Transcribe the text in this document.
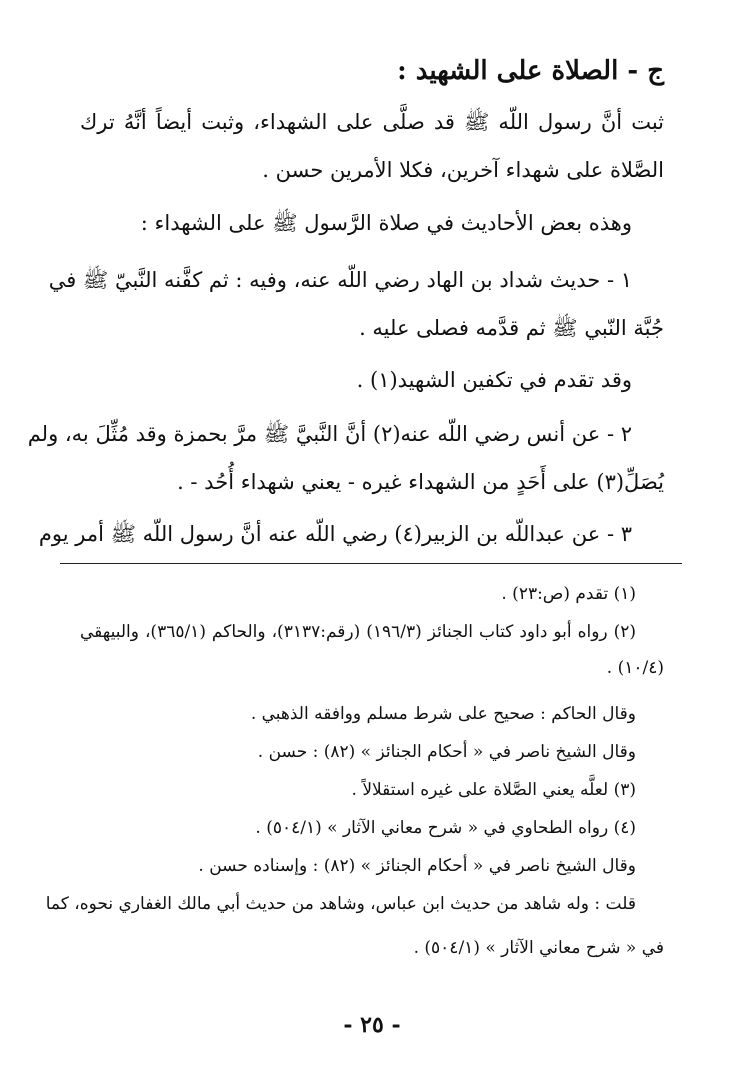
ج - الصلاة على الشهيد :
ثبت أنَّ رسول اللّه ﷺ قد صلَّى على الشهداء، وثبت أيضاً أنَّهُ ترك
الصَّلاة على شهداء آخرين، فكلا الأمرين حسن .
وهذه بعض الأحاديث في صلاة الرَّسول ﷺ على الشهداء :
١ - حديث شداد بن الهاد رضي اللّه عنه، وفيه : ثم كفَّنه النَّبيّ ﷺ في
جُبَّة النّبي ﷺ ثم قدَّمه فصلى عليه .
وقد تقدم في تكفين الشهيد(١) .
٢ - عن أنس رضي اللّه عنه(٢) أنَّ النَّبيَّ ﷺ مرَّ بحمزة وقد مُثِّلَ به، ولم
يُصَلِّ(٣) على أَحَدٍ من الشهداء غيره - يعني شهداء أُحُد - .
٣ - عن عبداللّه بن الزبير(٤) رضي اللّه عنه أنَّ رسول اللّه ﷺ أمر يوم
(١) تقدم (ص:٢٣) .
(٢) رواه أبو داود كتاب الجنائز (١٩٦/٣) (رقم:٣١٣٧)، والحاكم (٣٦٥/١)، والبيهقي
(١٠/٤) .
وقال الحاكم : صحيح على شرط مسلم ووافقه الذهبي .
وقال الشيخ ناصر في « أحكام الجنائز » (٨٢) : حسن .
(٣) لعلَّه يعني الصَّلاة على غيره استقلالاً .
(٤) رواه الطحاوي في « شرح معاني الآثار » (٥٠٤/١) .
وقال الشيخ ناصر في « أحكام الجنائز » (٨٢) : وإسناده حسن .
قلت : وله شاهد من حديث ابن عباس، وشاهد من حديث أبي مالك الغفاري نحوه، كما
في « شرح معاني الآثار » (٥٠٤/١) .
- ٢٥ -
